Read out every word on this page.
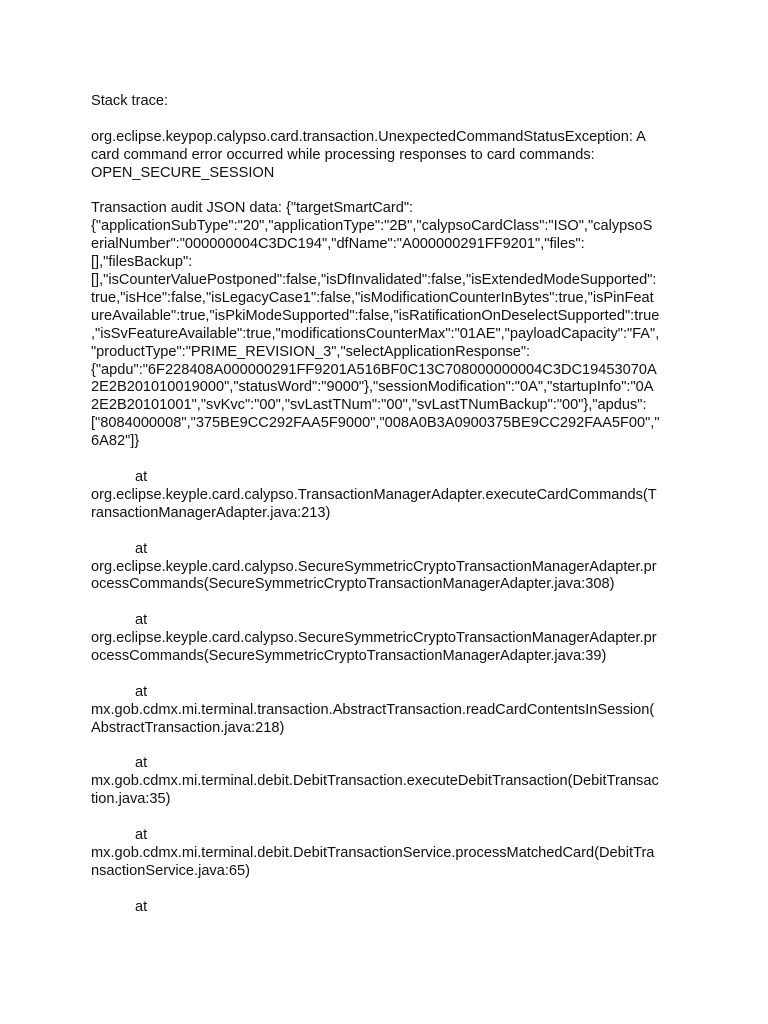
Stack trace:
org.eclipse.keypop.calypso.card.transaction.UnexpectedCommandStatusException: A
card command error occurred while processing responses to card commands:
OPEN_SECURE_SESSION
Transaction audit JSON data: {"targetSmartCard":
{"applicationSubType":"20","applicationType":"2B","calypsoCardClass":"ISO","calypsoS
erialNumber":"000000004C3DC194","dfName":"A000000291FF9201","files":
[],"filesBackup":
[],"isCounterValuePostponed":false,"isDfInvalidated":false,"isExtendedModeSupported":
true,"isHce":false,"isLegacyCase1":false,"isModificationCounterInBytes":true,"isPinFeat
ureAvailable":true,"isPkiModeSupported":false,"isRatificationOnDeselectSupported":true
,"isSvFeatureAvailable":true,"modificationsCounterMax":"01AE","payloadCapacity":"FA",
"productType":"PRIME_REVISION_3","selectApplicationResponse":
{"apdu":"6F228408A000000291FF9201A516BF0C13C708000000004C3DC19453070A
2E2B201010019000","statusWord":"9000"},"sessionModification":"0A","startupInfo":"0A
2E2B20101001","svKvc":"00","svLastTNum":"00","svLastTNumBackup":"00"},"apdus":
["8084000008","375BE9CC292FAA5F9000","008A0B3A0900375BE9CC292FAA5F00","
6A82"]}
at
org.eclipse.keyple.card.calypso.TransactionManagerAdapter.executeCardCommands(T
ransactionManagerAdapter.java:213)
at
org.eclipse.keyple.card.calypso.SecureSymmetricCryptoTransactionManagerAdapter.pr
ocessCommands(SecureSymmetricCryptoTransactionManagerAdapter.java:308)
at
org.eclipse.keyple.card.calypso.SecureSymmetricCryptoTransactionManagerAdapter.pr
ocessCommands(SecureSymmetricCryptoTransactionManagerAdapter.java:39)
at
mx.gob.cdmx.mi.terminal.transaction.AbstractTransaction.readCardContentsInSession(
AbstractTransaction.java:218)
at
mx.gob.cdmx.mi.terminal.debit.DebitTransaction.executeDebitTransaction(DebitTransac
tion.java:35)
at
mx.gob.cdmx.mi.terminal.debit.DebitTransactionService.processMatchedCard(DebitTra
nsactionService.java:65)
at
